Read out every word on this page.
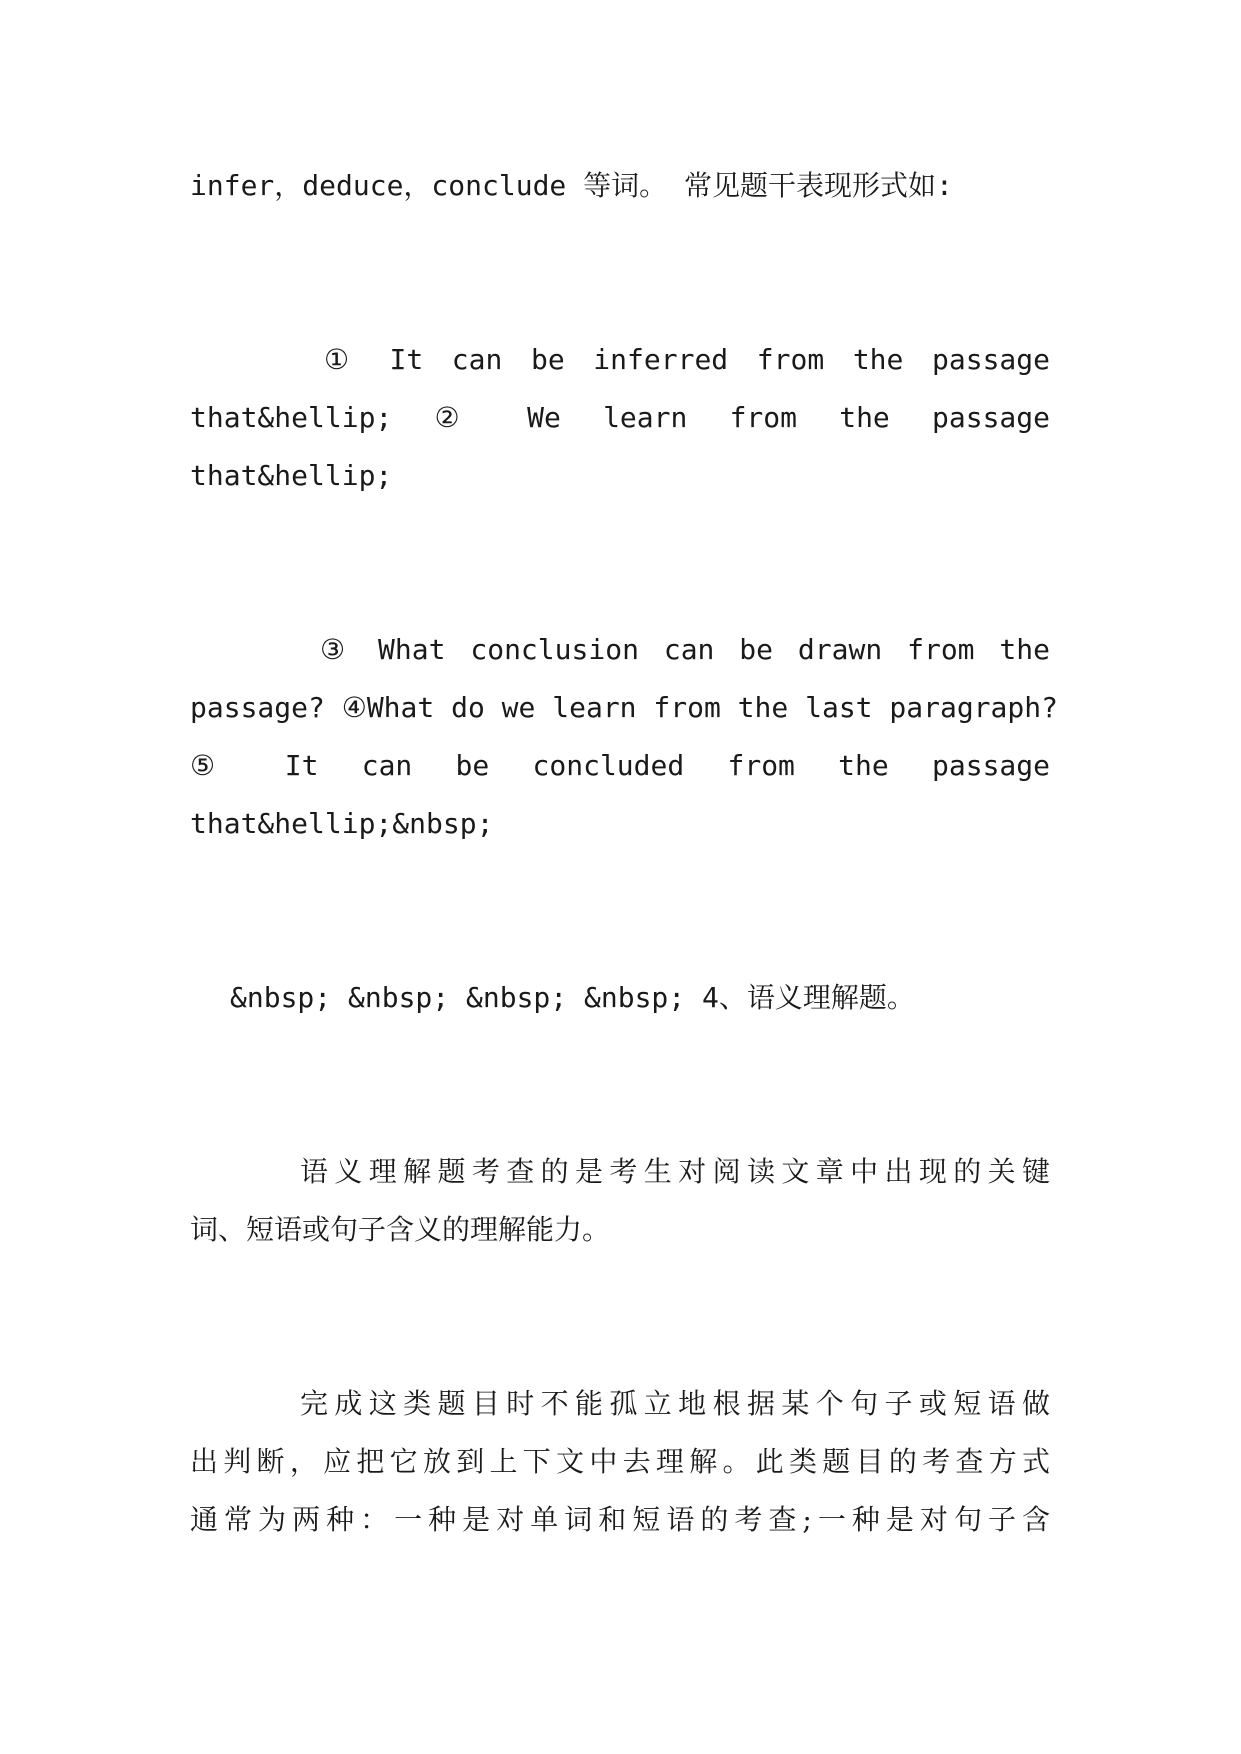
infer，deduce，conclude 等词。 常见题干表现形式如:
① It can be inferred from the passage
that&hellip; ② We learn from the passage
that&hellip;
③ What conclusion can be drawn from the
passage? ④What do we learn from the last paragraph?
⑤ It can be concluded from the passage
that&hellip;&nbsp;
&nbsp; &nbsp; &nbsp; &nbsp; 4、语义理解题。
语义理解题考查的是考生对阅读文章中出现的关键
词、短语或句子含义的理解能力。
完成这类题目时不能孤立地根据某个句子或短语做
出判断，应把它放到上下文中去理解。此类题目的考查方式
通常为两种：一种是对单词和短语的考查;一种是对句子含
